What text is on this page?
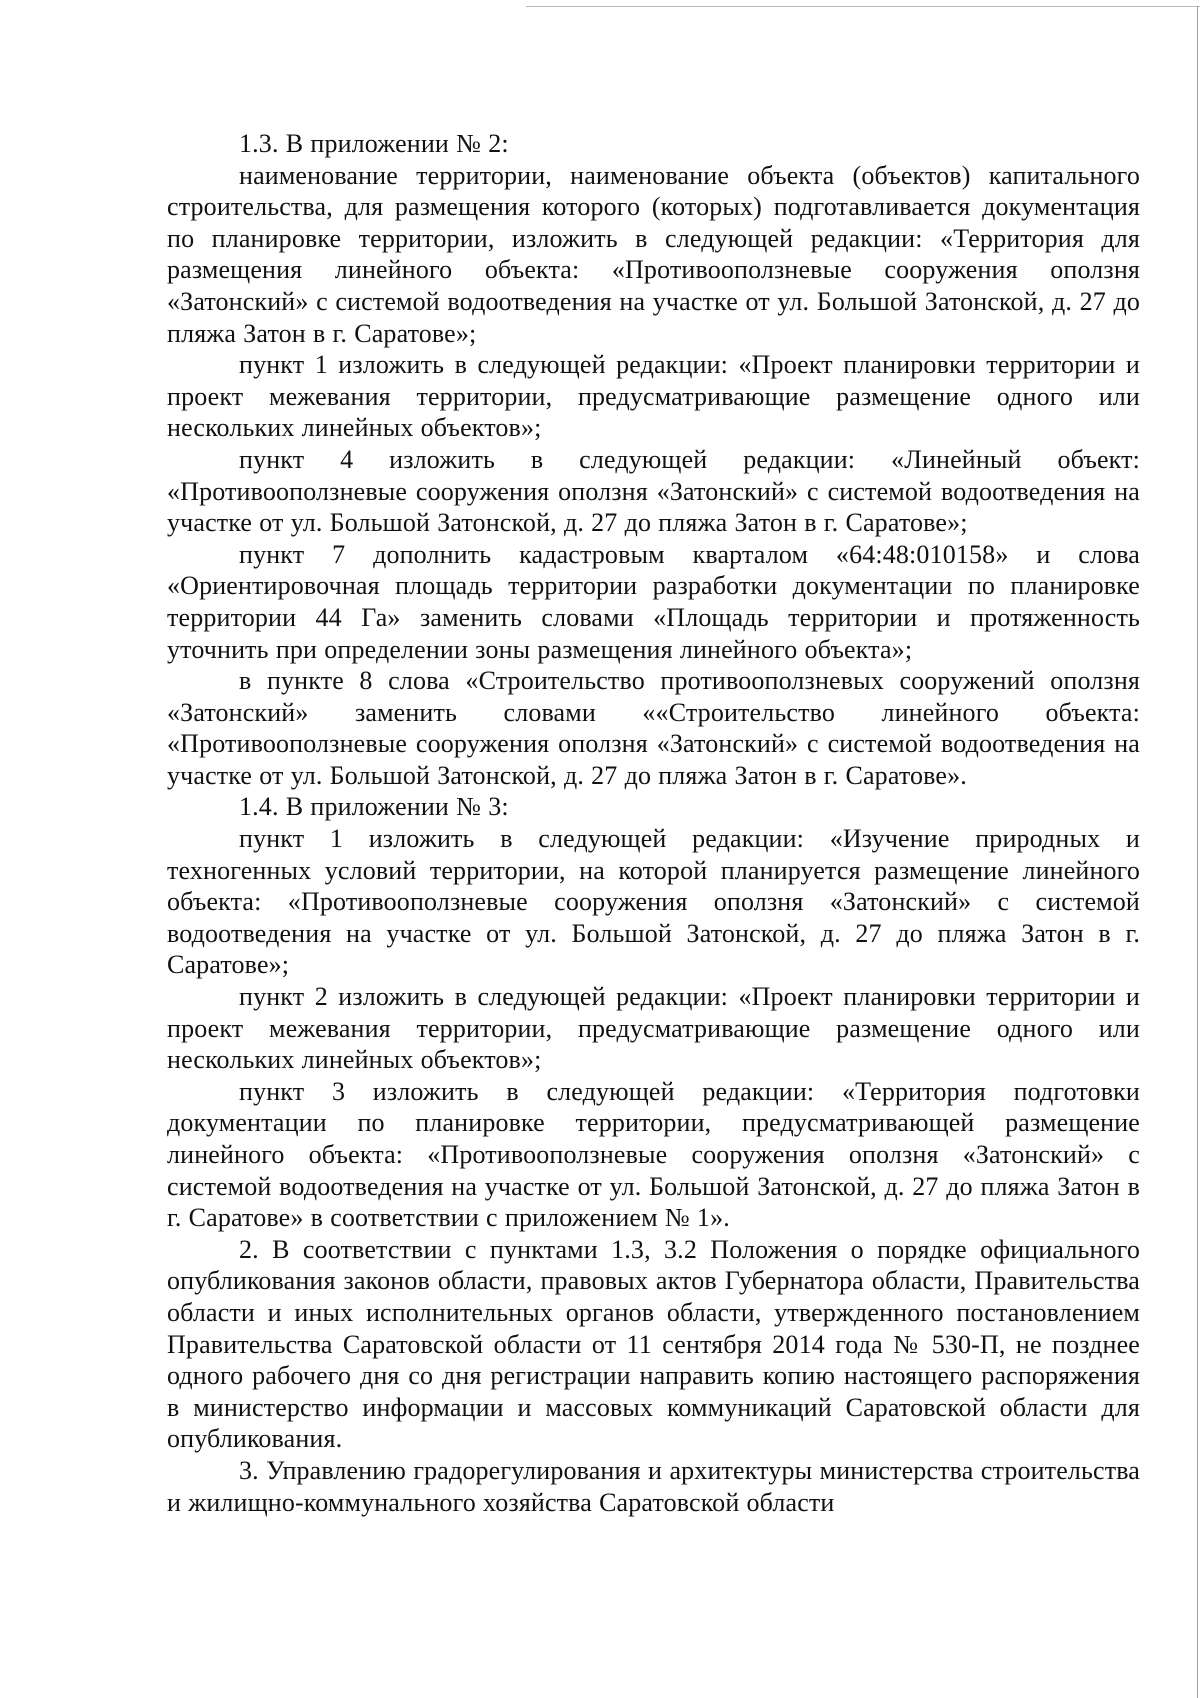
1.3. В приложении № 2:

наименование территории, наименование объекта (объектов) капитального строительства, для размещения которого (которых) подготавливается документация по планировке территории, изложить в следующей редакции: «Территория для размещения линейного объекта: «Противооползневые сооружения оползня «Затонский» с системой водоотведения на участке от ул. Большой Затонской, д. 27 до пляжа Затон в г. Саратове»;

пункт 1 изложить в следующей редакции: «Проект планировки территории и проект межевания территории, предусматривающие размещение одного или нескольких линейных объектов»;

пункт 4 изложить в следующей редакции: «Линейный объект: «Противооползневые сооружения оползня «Затонский» с системой водоотведения на участке от ул. Большой Затонской, д. 27 до пляжа Затон в г. Саратове»;

пункт 7 дополнить кадастровым кварталом «64:48:010158» и слова «Ориентировочная площадь территории разработки документации по планировке территории 44 Га» заменить словами «Площадь территории и протяженность уточнить при определении зоны размещения линейного объекта»;

в пункте 8 слова «Строительство противооползневых сооружений оползня «Затонский» заменить словами ««Строительство линейного объекта: «Противооползневые сооружения оползня «Затонский» с системой водоотведения на участке от ул. Большой Затонской, д. 27 до пляжа Затон в г. Саратове».

1.4. В приложении № 3:

пункт 1 изложить в следующей редакции: «Изучение природных и техногенных условий территории, на которой планируется размещение линейного объекта: «Противооползневые сооружения оползня «Затонский» с системой водоотведения на участке от ул. Большой Затонской, д. 27 до пляжа Затон в г. Саратове»;

пункт 2 изложить в следующей редакции: «Проект планировки территории и проект межевания территории, предусматривающие размещение одного или нескольких линейных объектов»;

пункт 3 изложить в следующей редакции: «Территория подготовки документации по планировке территории, предусматривающей размещение линейного объекта: «Противооползневые сооружения оползня «Затонский» с системой водоотведения на участке от ул. Большой Затонской, д. 27 до пляжа Затон в г. Саратове» в соответствии с приложением № 1».

2. В соответствии с пунктами 1.3, 3.2 Положения о порядке официального опубликования законов области, правовых актов Губернатора области, Правительства области и иных исполнительных органов области, утвержденного постановлением Правительства Саратовской области от 11 сентября 2014 года № 530-П, не позднее одного рабочего дня со дня регистрации направить копию настоящего распоряжения в министерство информации и массовых коммуникаций Саратовской области для опубликования.

3. Управлению градорегулирования и архитектуры министерства строительства и жилищно-коммунального хозяйства Саратовской области
